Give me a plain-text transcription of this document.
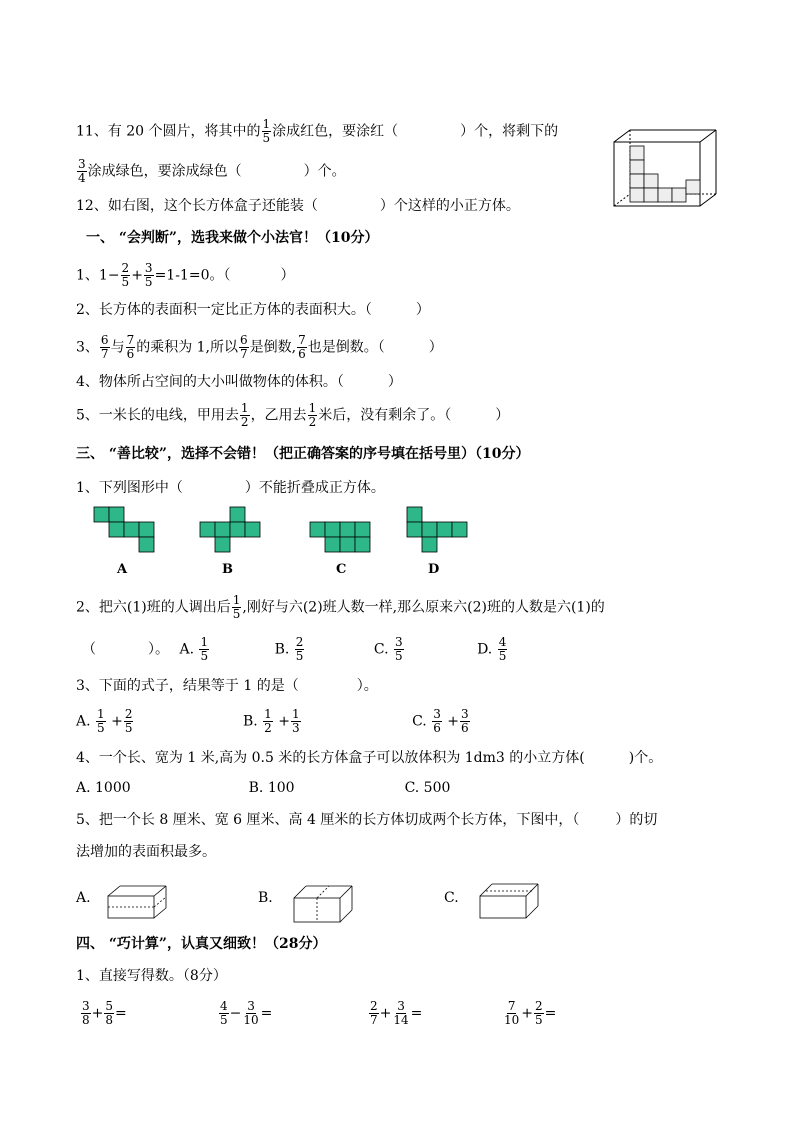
11、有 20 个圆片，将其中的 $\frac{1}{5}$ 涂成红色，要涂红（	）个，将剩下的
$\frac{3}{4}$ 涂成绿色，要涂成绿色（	）个。
12、如右图，这个长方体盒子还能装（	）个这样的小正方体。
一、 “会判断”，选我来做个小法官！（10分）
1、$1- \frac{2}{5} + \frac{3}{5} =1-1=0$。（	）
2、长方体的表面积一定比正方体的表面积大。（	）
3、 $\frac{6}{7}$ 与 $\frac{7}{6}$ 的乘积为 1,所以 $\frac{6}{7}$ 是倒数, $\frac{7}{6}$ 也是倒数。（	）
4、物体所占空间的大小叫做物体的体积。（	）
5、一米长的电线，甲用去 $\frac{1}{2}$ ，乙用去 $\frac{1}{2}$ 米后，没有剩余了。（	）
三、 “善比较”，选择不会错！（把正确答案的序号填在括号里）（10分）
1、下列图形中（	）不能折叠成正方体。
A	B	C	D
2、把六(1)班的人调出后 $\frac{1}{5}$ ,刚好与六(2)班人数一样,那么原来六(2)班的人数是六(1)的
（	）。 A. $\frac{1}{5}$	B. $\frac{2}{5}$	C. $\frac{3}{5}$	D. $\frac{4}{5}$
3、下面的式子，结果等于 1 的是（	）。
A. $\frac{1}{5} + \frac{2}{5}$	B. $\frac{1}{2} + \frac{1}{3}$	C. $\frac{3}{6} + \frac{3}{6}$
4、一个长、宽为 1 米,高为 0.5 米的长方体盒子可以放体积为 1dm3 的小立方体(	)个。
A. 1000	B. 100	C. 500
5、把一个长 8 厘米、宽 6 厘米、高 4 厘米的长方体切成两个长方体，下图中，（	）的切
法增加的表面积最多。
A.	B.	C.
四、 “巧计算”，认真又细致！（28分）
1、直接写得数。（8分）
$\frac{3}{8} + \frac{5}{8}$ =	$\frac{4}{5} - \frac{3}{10}$ =	$\frac{2}{7} + \frac{3}{14}$ =	$\frac{7}{10} + \frac{2}{5}$ =
